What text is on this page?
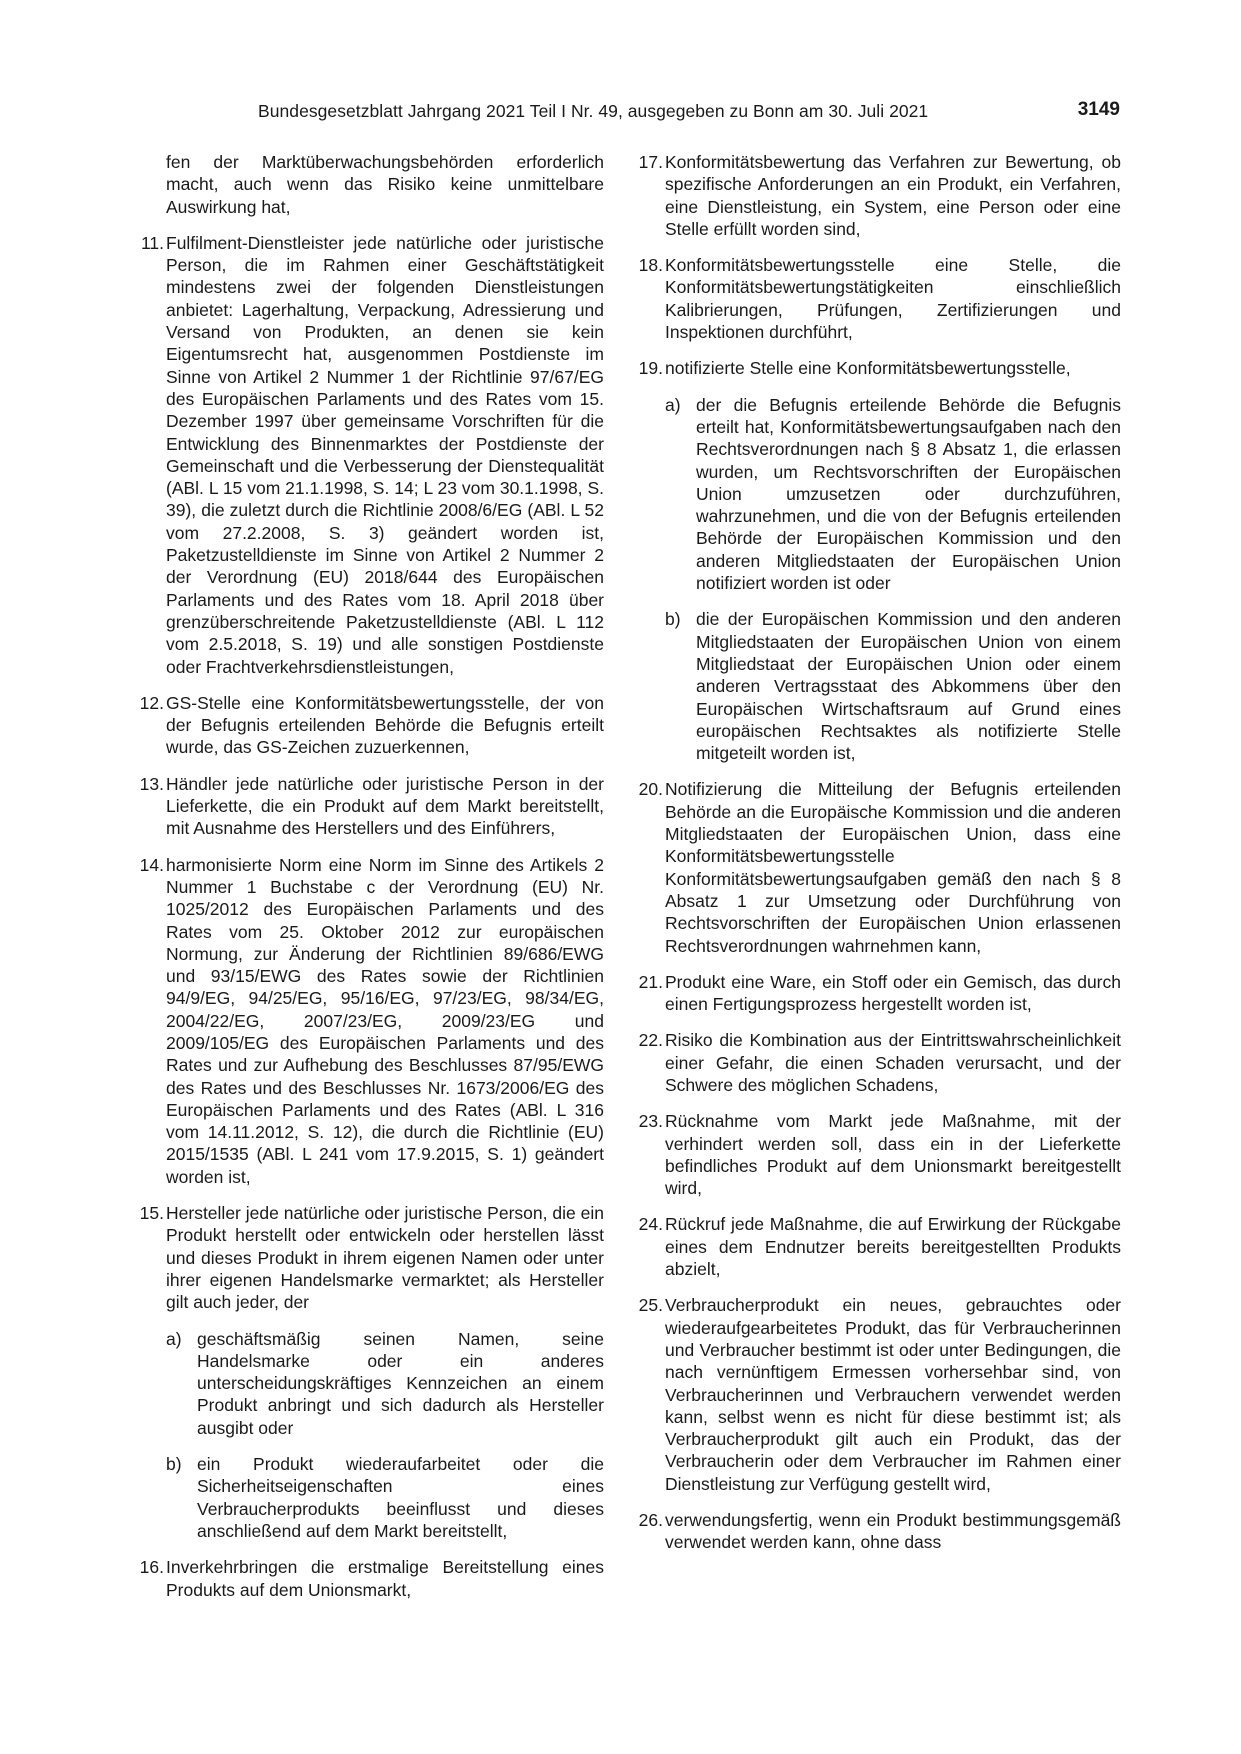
Bundesgesetzblatt Jahrgang 2021 Teil I Nr. 49, ausgegeben zu Bonn am 30. Juli 2021	3149
fen der Marktüberwachungsbehörden erforderlich macht, auch wenn das Risiko keine unmittelbare Auswirkung hat,
11. Fulfilment-Dienstleister jede natürliche oder juristische Person, die im Rahmen einer Geschäftstätigkeit mindestens zwei der folgenden Dienstleistungen anbietet: Lagerhaltung, Verpackung, Adressierung und Versand von Produkten, an denen sie kein Eigentumsrecht hat, ausgenommen Postdienste im Sinne von Artikel 2 Nummer 1 der Richtlinie 97/67/EG des Europäischen Parlaments und des Rates vom 15. Dezember 1997 über gemeinsame Vorschriften für die Entwicklung des Binnenmarktes der Postdienste der Gemeinschaft und die Verbesserung der Dienstequalität (ABl. L 15 vom 21.1.1998, S. 14; L 23 vom 30.1.1998, S. 39), die zuletzt durch die Richtlinie 2008/6/EG (ABl. L 52 vom 27.2.2008, S. 3) geändert worden ist, Paketzustelldienste im Sinne von Artikel 2 Nummer 2 der Verordnung (EU) 2018/644 des Europäischen Parlaments und des Rates vom 18. April 2018 über grenzüberschreitende Paketzustelldienste (ABl. L 112 vom 2.5.2018, S. 19) und alle sonstigen Postdienste oder Frachtverkehrsdienstleistungen,
12. GS-Stelle eine Konformitätsbewertungsstelle, der von der Befugnis erteilenden Behörde die Befugnis erteilt wurde, das GS-Zeichen zuzuerkennen,
13. Händler jede natürliche oder juristische Person in der Lieferkette, die ein Produkt auf dem Markt bereitstellt, mit Ausnahme des Herstellers und des Einführers,
14. harmonisierte Norm eine Norm im Sinne des Artikels 2 Nummer 1 Buchstabe c der Verordnung (EU) Nr. 1025/2012 des Europäischen Parlaments und des Rates vom 25. Oktober 2012 zur europäischen Normung, zur Änderung der Richtlinien 89/686/EWG und 93/15/EWG des Rates sowie der Richtlinien 94/9/EG, 94/25/EG, 95/16/EG, 97/23/EG, 98/34/EG, 2004/22/EG, 2007/23/EG, 2009/23/EG und 2009/105/EG des Europäischen Parlaments und des Rates und zur Aufhebung des Beschlusses 87/95/EWG des Rates und des Beschlusses Nr. 1673/2006/EG des Europäischen Parlaments und des Rates (ABl. L 316 vom 14.11.2012, S. 12), die durch die Richtlinie (EU) 2015/1535 (ABl. L 241 vom 17.9.2015, S. 1) geändert worden ist,
15. Hersteller jede natürliche oder juristische Person, die ein Produkt herstellt oder entwickeln oder herstellen lässt und dieses Produkt in ihrem eigenen Namen oder unter ihrer eigenen Handelsmarke vermarktet; als Hersteller gilt auch jeder, der
a) geschäftsmäßig seinen Namen, seine Handelsmarke oder ein anderes unterscheidungskräftiges Kennzeichen an einem Produkt anbringt und sich dadurch als Hersteller ausgibt oder
b) ein Produkt wiederaufarbeitet oder die Sicherheitseigenschaften eines Verbraucherprodukts beeinflusst und dieses anschließend auf dem Markt bereitstellt,
16. Inverkehrbringen die erstmalige Bereitstellung eines Produkts auf dem Unionsmarkt,
17. Konformitätsbewertung das Verfahren zur Bewertung, ob spezifische Anforderungen an ein Produkt, ein Verfahren, eine Dienstleistung, ein System, eine Person oder eine Stelle erfüllt worden sind,
18. Konformitätsbewertungsstelle eine Stelle, die Konformitätsbewertungstätigkeiten einschließlich Kalibrierungen, Prüfungen, Zertifizierungen und Inspektionen durchführt,
19. notifizierte Stelle eine Konformitätsbewertungsstelle,
a) der die Befugnis erteilende Behörde die Befugnis erteilt hat, Konformitätsbewertungsaufgaben nach den Rechtsverordnungen nach § 8 Absatz 1, die erlassen wurden, um Rechtsvorschriften der Europäischen Union umzusetzen oder durchzuführen, wahrzunehmen, und die von der Befugnis erteilenden Behörde der Europäischen Kommission und den anderen Mitgliedstaaten der Europäischen Union notifiziert worden ist oder
b) die der Europäischen Kommission und den anderen Mitgliedstaaten der Europäischen Union von einem Mitgliedstaat der Europäischen Union oder einem anderen Vertragsstaat des Abkommens über den Europäischen Wirtschaftsraum auf Grund eines europäischen Rechtsaktes als notifizierte Stelle mitgeteilt worden ist,
20. Notifizierung die Mitteilung der Befugnis erteilenden Behörde an die Europäische Kommission und die anderen Mitgliedstaaten der Europäischen Union, dass eine Konformitätsbewertungsstelle Konformitätsbewertungsaufgaben gemäß den nach § 8 Absatz 1 zur Umsetzung oder Durchführung von Rechtsvorschriften der Europäischen Union erlassenen Rechtsverordnungen wahrnehmen kann,
21. Produkt eine Ware, ein Stoff oder ein Gemisch, das durch einen Fertigungsprozess hergestellt worden ist,
22. Risiko die Kombination aus der Eintrittswahrscheinlichkeit einer Gefahr, die einen Schaden verursacht, und der Schwere des möglichen Schadens,
23. Rücknahme vom Markt jede Maßnahme, mit der verhindert werden soll, dass ein in der Lieferkette befindliches Produkt auf dem Unionsmarkt bereitgestellt wird,
24. Rückruf jede Maßnahme, die auf Erwirkung der Rückgabe eines dem Endnutzer bereits bereitgestellten Produkts abzielt,
25. Verbraucherprodukt ein neues, gebrauchtes oder wiederaufgearbeitetes Produkt, das für Verbraucherinnen und Verbraucher bestimmt ist oder unter Bedingungen, die nach vernünftigem Ermessen vorhersehbar sind, von Verbraucherinnen und Verbrauchern verwendet werden kann, selbst wenn es nicht für diese bestimmt ist; als Verbraucherprodukt gilt auch ein Produkt, das der Verbraucherin oder dem Verbraucher im Rahmen einer Dienstleistung zur Verfügung gestellt wird,
26. verwendungsfertig, wenn ein Produkt bestimmungsgemäß verwendet werden kann, ohne dass
